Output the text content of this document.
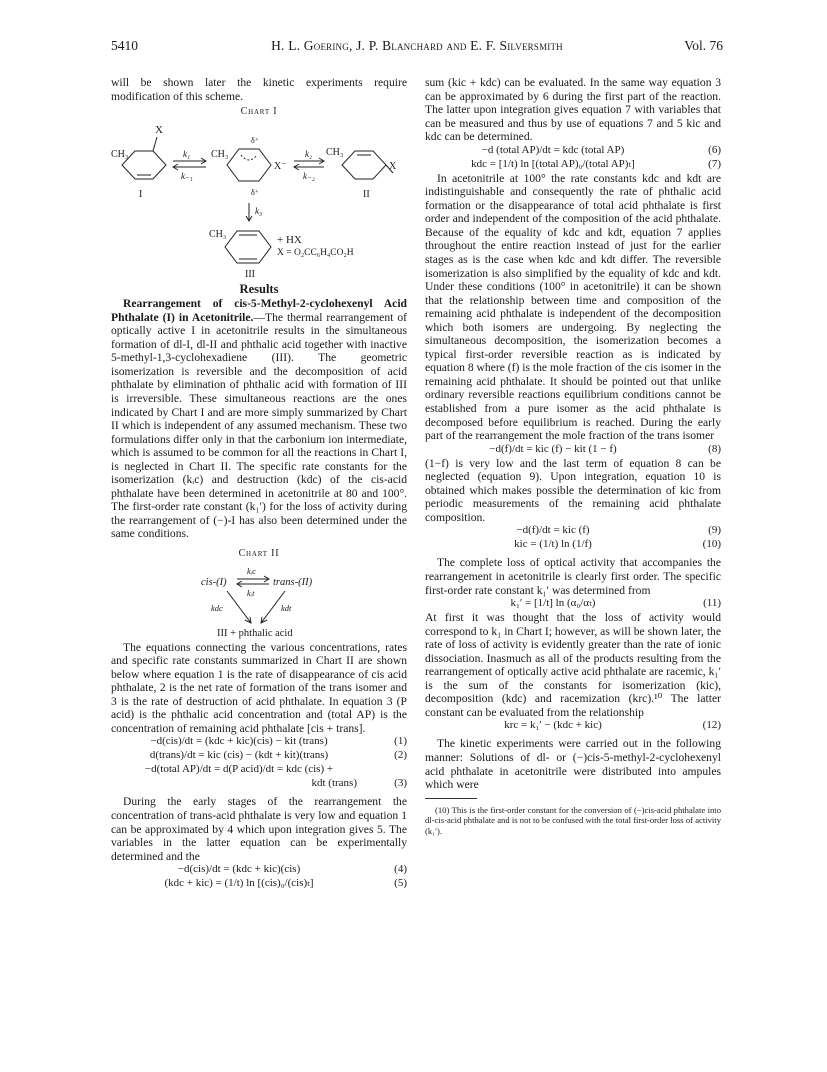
5410	H. L. Goering, J. P. Blanchard and E. F. Silversmith	Vol. 76

will be shown later the kinetic experiments require modification of this scheme.

Chart I
X
CH₃
I
k₁
k₋₁
CH₃
δ⁺
δ⁺
X⁻
k₂
k₋₂
CH₃
X
II
k₃
CH₃	+ HX
X = O₂CC₆H₄CO₂H
III
Results

Rearrangement of cis-5-Methyl-2-cyclohexenyl Acid Phthalate (I) in Acetonitrile.—The thermal rearrangement of optically active I in acetonitrile results in the simultaneous formation of dl-I, dl-II and phthalic acid together with inactive 5-methyl-1,3-cyclohexadiene (III). The geometric isomerization is reversible and the decomposition of acid phthalate by elimination of phthalic acid with formation of III is irreversible. These simultaneous reactions are the ones indicated by Chart I and are more simply summarized by Chart II which is independent of any assumed mechanism. These two formulations differ only in that the carbonium ion intermediate, which is assumed to be common for all the reactions in Chart I, is neglected in Chart II. The specific rate constants for the isomerization (kᵢc) and destruction (kdc) of the cis-acid phthalate have been determined in acetonitrile at 80 and 100°. The first-order rate constant (k₁′) for the loss of activity during the rearrangement of (−)-I has also been determined under the same conditions.

Chart II
cis-(I)	trans-(II)
kᵢc
kᵢt
kdc	kdt
III + phthalic acid

The equations connecting the various concentrations, rates and specific rate constants summarized in Chart II are shown below where equation 1 is the rate of disappearance of cis acid phthalate, 2 is the net rate of formation of the trans isomer and 3 is the rate of destruction of acid phthalate. In equation 3 (P acid) is the phthalic acid concentration and (total AP) is the concentration of remaining acid phthalate [cis + trans].

−d(cis)/dt = (kdc + kic)(cis) − kit (trans)	(1)
d(trans)/dt = kic (cis) − (kdt + kit)(trans)	(2)
−d(total AP)/dt = d(P acid)/dt = kdc (cis) +
kdt (trans)	(3)

During the early stages of the rearrangement the concentration of trans-acid phthalate is very low and equation 1 can be approximated by 4 which upon integration gives 5. The variables in the latter equation can be experimentally determined and the

−d(cis)/dt = (kdc + kic)(cis)	(4)
(kdc + kic) = (1/t) ln [(cis)₀/(cis)ₜ]	(5)

sum (kic + kdc) can be evaluated. In the same way equation 3 can be approximated by 6 during the first part of the reaction. The latter upon integration gives equation 7 with variables that can be measured and thus by use of equations 7 and 5 kic and kdc can be determined.

−d (total AP)/dt = kdc (total AP)	(6)
kdc = [1/t) ln [(total AP)₀/(total AP)ₜ]	(7)

In acetonitrile at 100° the rate constants kdc and kdt are indistinguishable and consequently the rate of phthalic acid formation or the disappearance of total acid phthalate is first order and independent of the composition of the acid phthalate. Because of the equality of kdc and kdt, equation 7 applies throughout the entire reaction instead of just for the earlier stages as is the case when kdc and kdt differ. The reversible isomerization is also simplified by the equality of kdc and kdt. Under these conditions (100° in acetonitrile) it can be shown that the relationship between time and composition of the remaining acid phthalate is independent of the decomposition which both isomers are undergoing. By neglecting the simultaneous decomposition, the isomerization becomes a typical first-order reversible reaction as is indicated by equation 8 where (f) is the mole fraction of the cis isomer in the remaining acid phthalate. It should be pointed out that unlike ordinary reversible reactions equilibrium conditions cannot be established from a pure isomer as the acid phthalate is decomposed before equilibrium is reached. During the early part of the rearrangement the mole fraction of the trans isomer

−d(f)/dt = kic (f) − kit (1 − f)	(8)

(1−f) is very low and the last term of equation 8 can be neglected (equation 9). Upon integration, equation 10 is obtained which makes possible the determination of kic from periodic measurements of the remaining acid phthalate composition.

−d(f)/dt = kic (f)	(9)
kic = (1/t) ln (1/f)	(10)

The complete loss of optical activity that accompanies the rearrangement in acetonitrile is clearly first order. The specific first-order rate constant k₁′ was determined from

k₁′ = [1/t] ln (α₀/αₜ)	(11)

At first it was thought that the loss of activity would correspond to k₁ in Chart I; however, as will be shown later, the rate of loss of activity is evidently greater than the rate of ionic dissociation. Inasmuch as all of the products resulting from the rearrangement of optically active acid phthalate are racemic, k₁′ is the sum of the constants for isomerization (kic), decomposition (kdc) and racemization (krc).¹⁰ The latter constant can be evaluated from the relationship

krc = k₁′ − (kdc + kic)	(12)

The kinetic experiments were carried out in the following manner: Solutions of dl- or (−)cis-5-methyl-2-cyclohexenyl acid phthalate in acetonitrile were distributed into ampules which were

(10) This is the first-order constant for the conversion of (−)cis-acid phthalate into dl-cis-acid phthalate and is not to be confused with the total first-order loss of activity (k₁′).
